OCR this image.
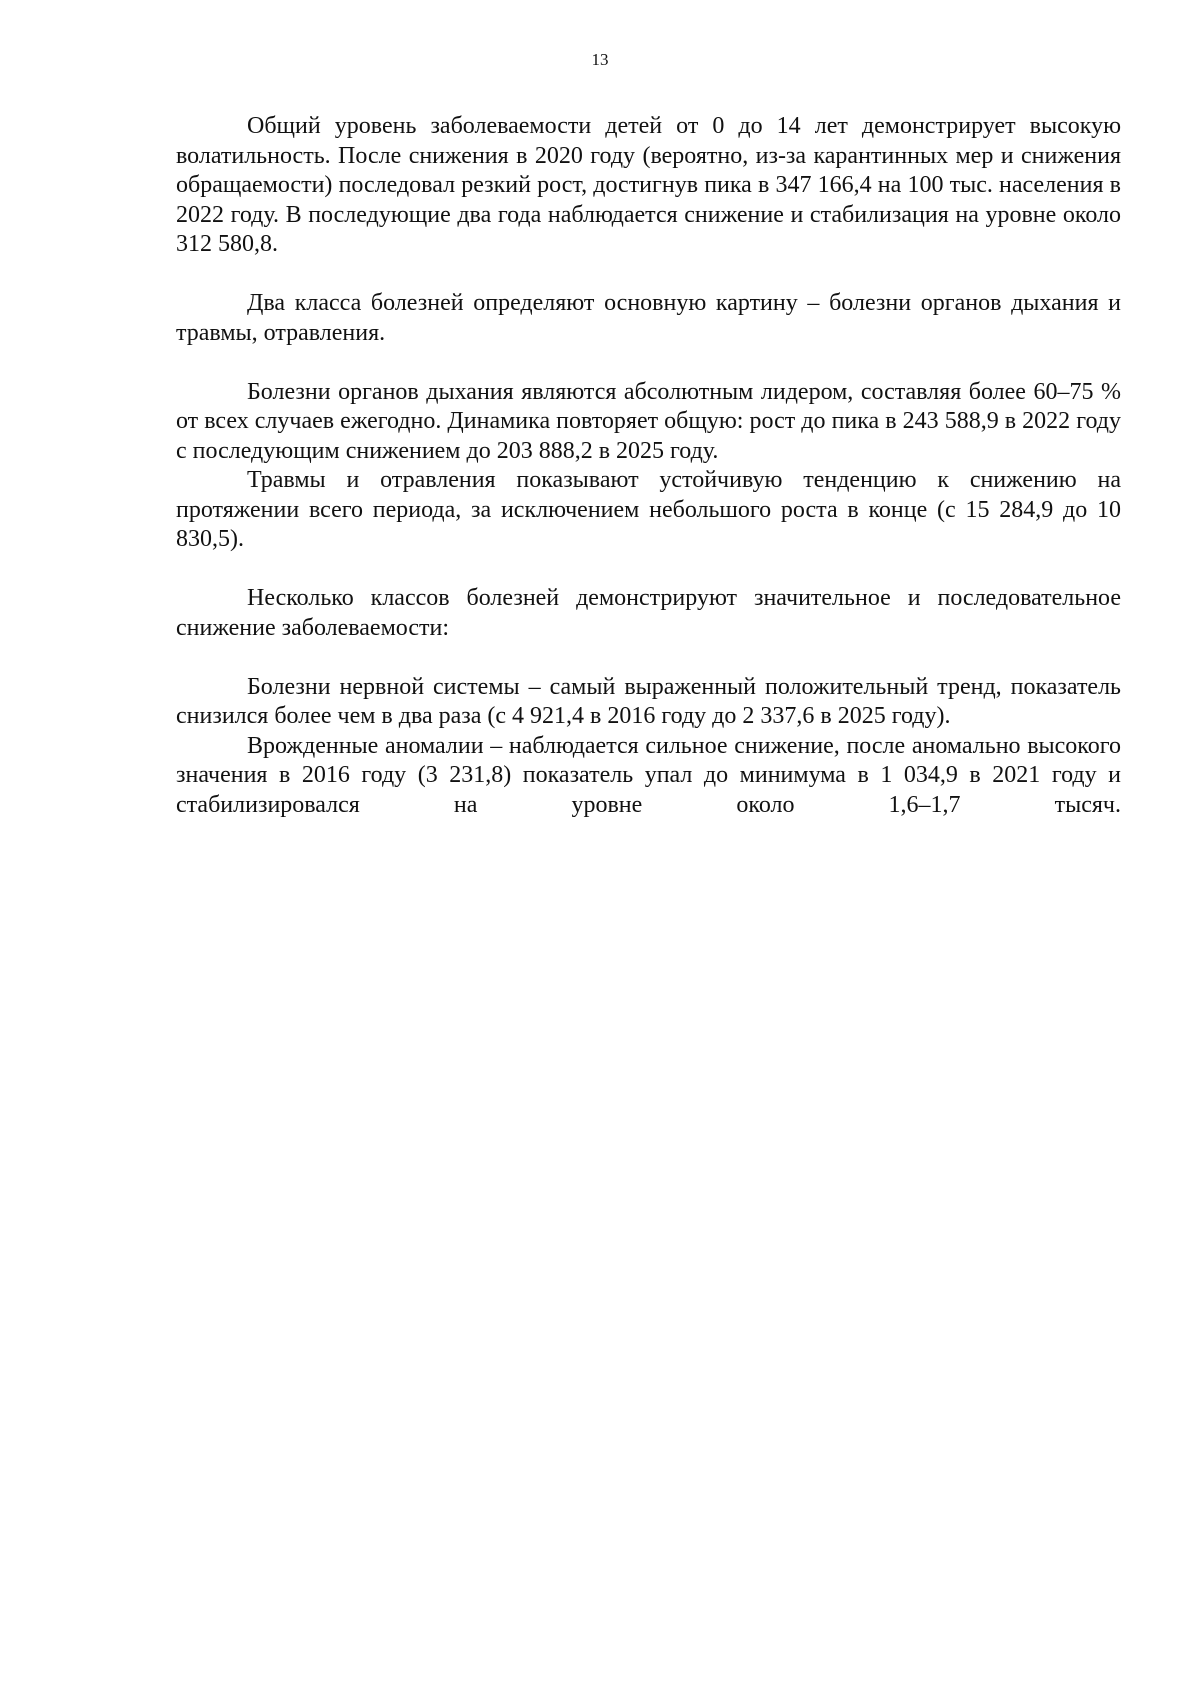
13

Общий уровень заболеваемости детей от 0 до 14 лет демонстрирует высокую волатильность. После снижения в 2020 году (вероятно, из-за карантинных мер и снижения обращаемости) последовал резкий рост, достигнув пика в 347 166,4 на 100 тыс. населения в 2022 году. В последующие два года наблюдается снижение и стабилизация на уровне около 312 580,8.

Два класса болезней определяют основную картину – болезни органов дыхания и травмы, отравления.

Болезни органов дыхания являются абсолютным лидером, составляя более 60–75 % от всех случаев ежегодно. Динамика повторяет общую: рост до пика в 243 588,9 в 2022 году с последующим снижением до 203 888,2 в 2025 году.

Травмы и отравления показывают устойчивую тенденцию к снижению на протяжении всего периода, за исключением небольшого роста в конце (с 15 284,9 до 10 830,5).

Несколько классов болезней демонстрируют значительное и последовательное снижение заболеваемости:

Болезни нервной системы – самый выраженный положительный тренд, показатель снизился более чем в два раза (с 4 921,4 в 2016 году до 2 337,6 в 2025 году).

Врожденные аномалии – наблюдается сильное снижение, после аномально высокого значения в 2016 году (3 231,8) показатель упал до минимума в 1 034,9 в 2021 году и стабилизировался на уровне около 1,6–1,7 тысяч.
